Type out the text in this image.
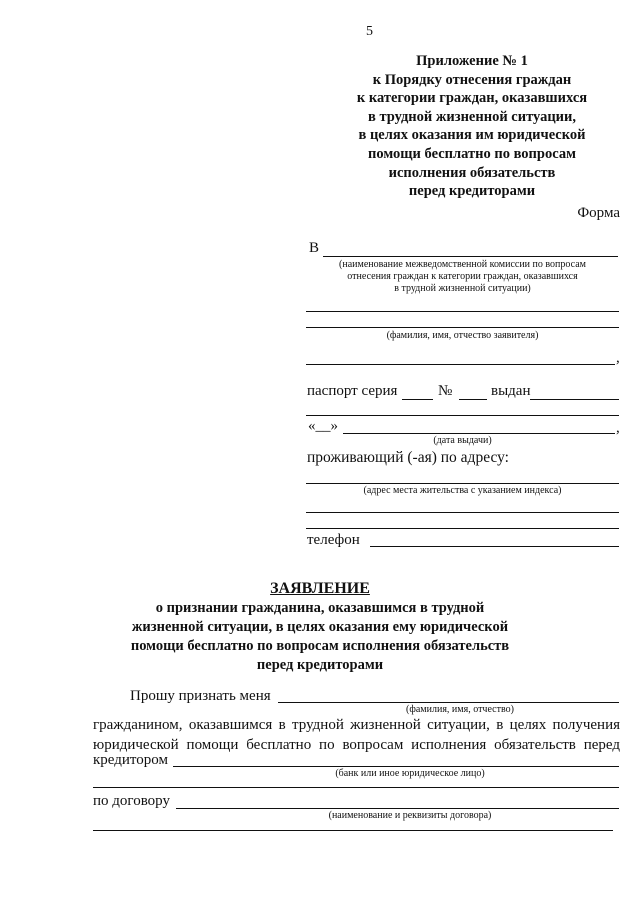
5
Приложение № 1
к Порядку отнесения граждан
к категории граждан, оказавшихся
в трудной жизненной ситуации,
в целях оказания им юридической
помощи бесплатно по вопросам
исполнения обязательств
перед кредиторами
Форма
В
(наименование межведомственной комиссии по вопросам
отнесения граждан к категории граждан, оказавшихся
в трудной жизненной ситуации)
(фамилия, имя, отчество заявителя)
,
паспорт серия	№	выдан
«__»	,
(дата выдачи)
проживающий (-ая) по адресу:
(адрес места жительства с указанием индекса)
телефон
ЗАЯВЛЕНИЕ
о признании гражданина, оказавшимся в трудной
жизненной ситуации, в целях оказания ему юридической
помощи бесплатно по вопросам исполнения обязательств
перед кредиторами
Прошу признать меня
(фамилия, имя, отчество)
гражданином, оказавшимся в трудной жизненной ситуации, в целях получения
юридической помощи бесплатно по вопросам исполнения обязательств перед
кредитором
(банк или иное юридическое лицо)
по договору
(наименование и реквизиты договора)
